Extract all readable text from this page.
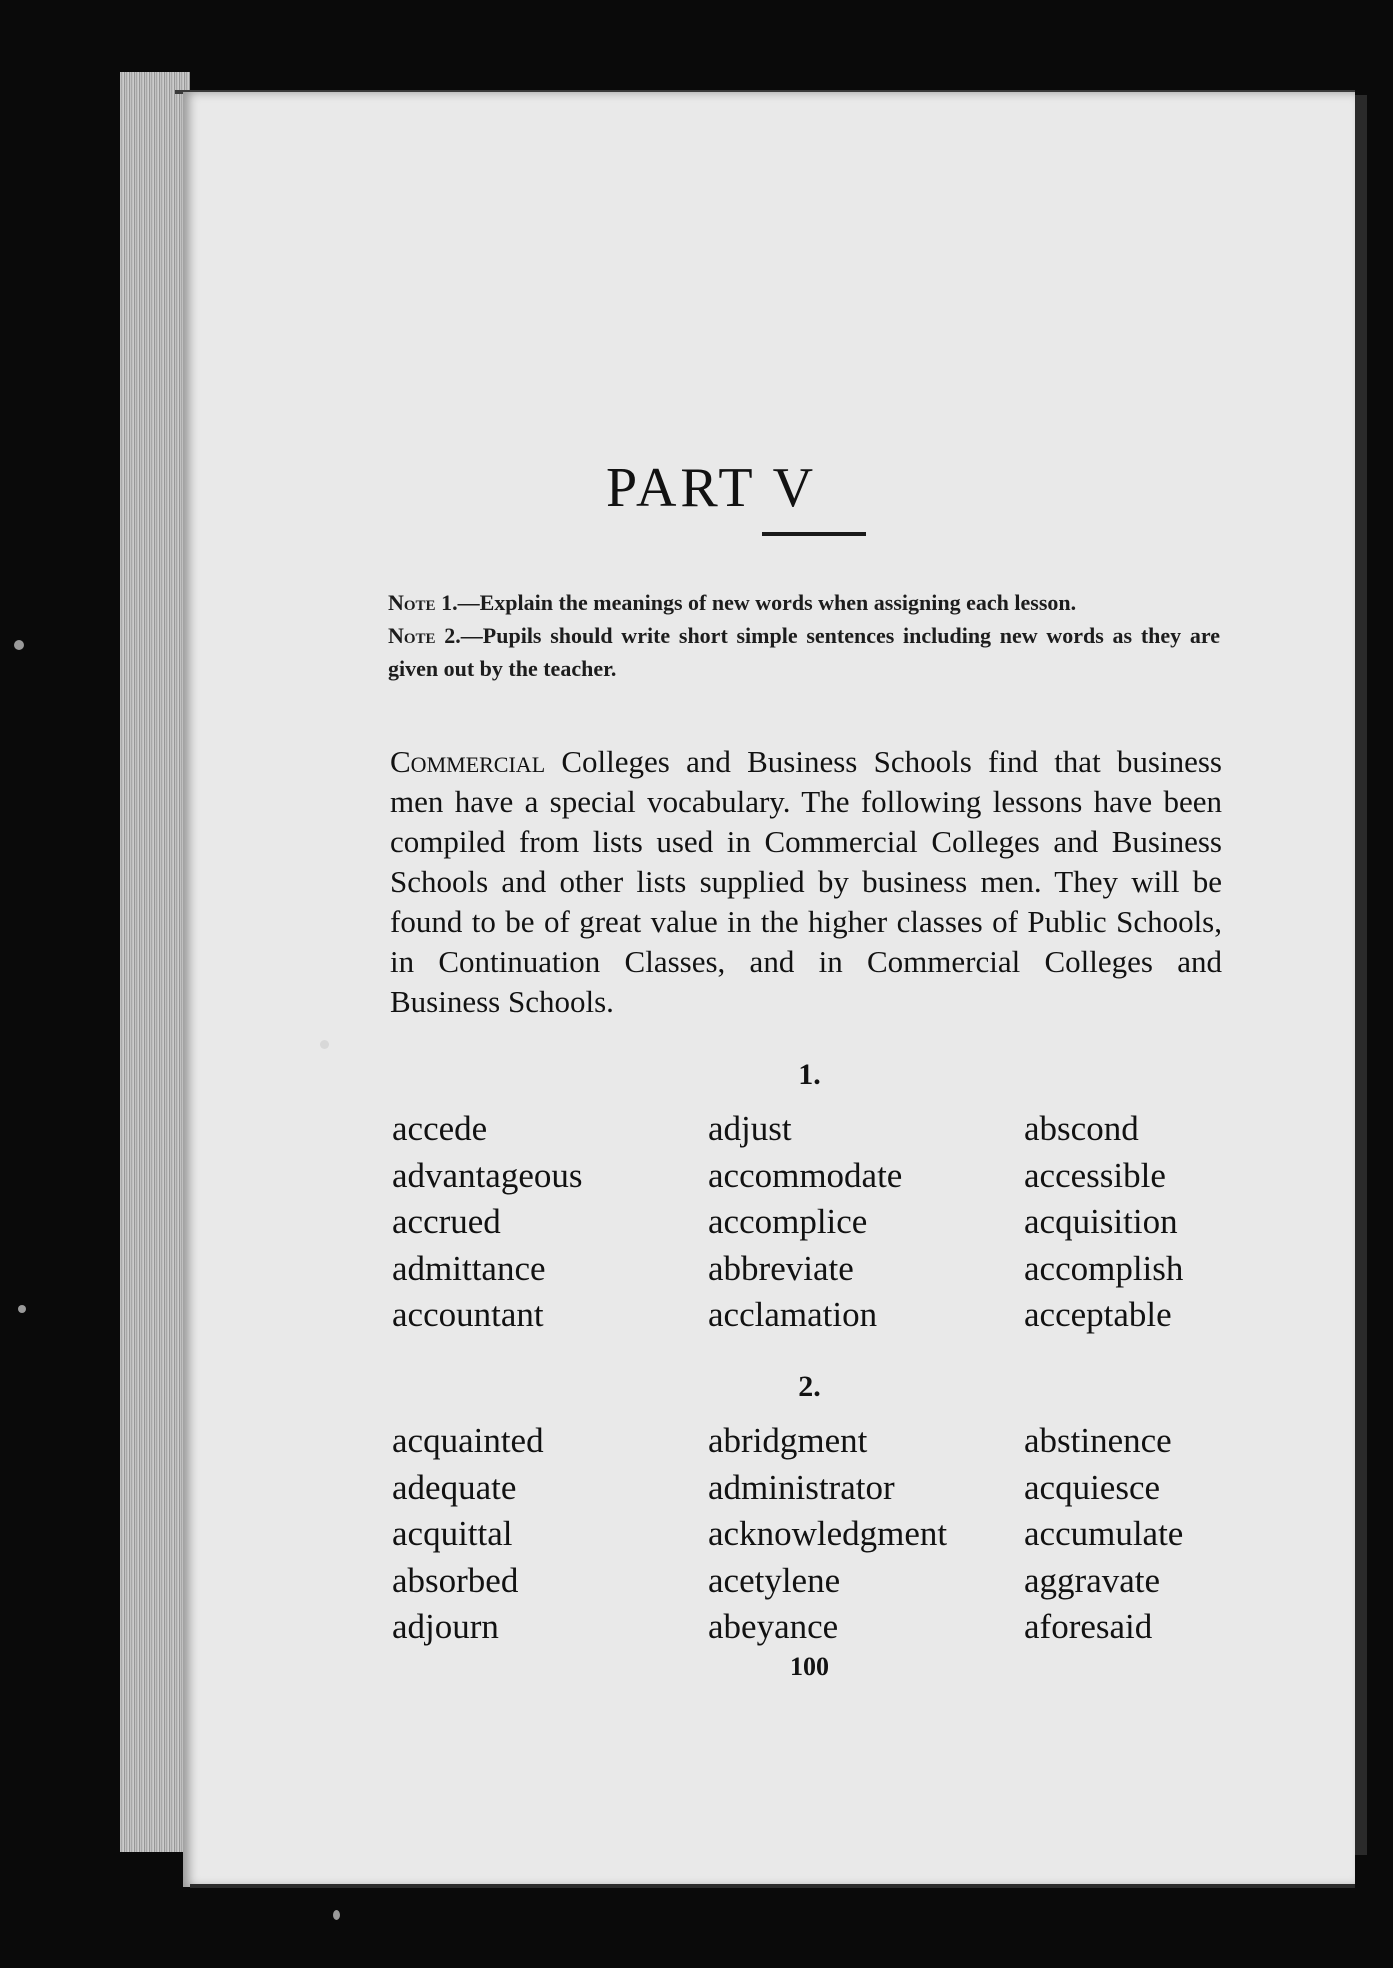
PART V

Note 1.—Explain the meanings of new words when assigning each lesson.

Note 2.—Pupils should write short simple sentences including new words as they are given out by the teacher.

Commercial Colleges and Business Schools find that business men have a special vocabulary. The following lessons have been compiled from lists used in Commercial Colleges and Business Schools and other lists supplied by business men. They will be found to be of great value in the higher classes of Public Schools, in Continuation Classes, and in Commercial Colleges and Business Schools.

1.
accede	adjust	abscond
advantageous	accommodate	accessible
accrued	accomplice	acquisition
admittance	abbreviate	accomplish
accountant	acclamation	acceptable
2.
acquainted	abridgment	abstinence
adequate	administrator	acquiesce
acquittal	acknowledgment	accumulate
absorbed	acetylene	aggravate
adjourn	abeyance	aforesaid
100
